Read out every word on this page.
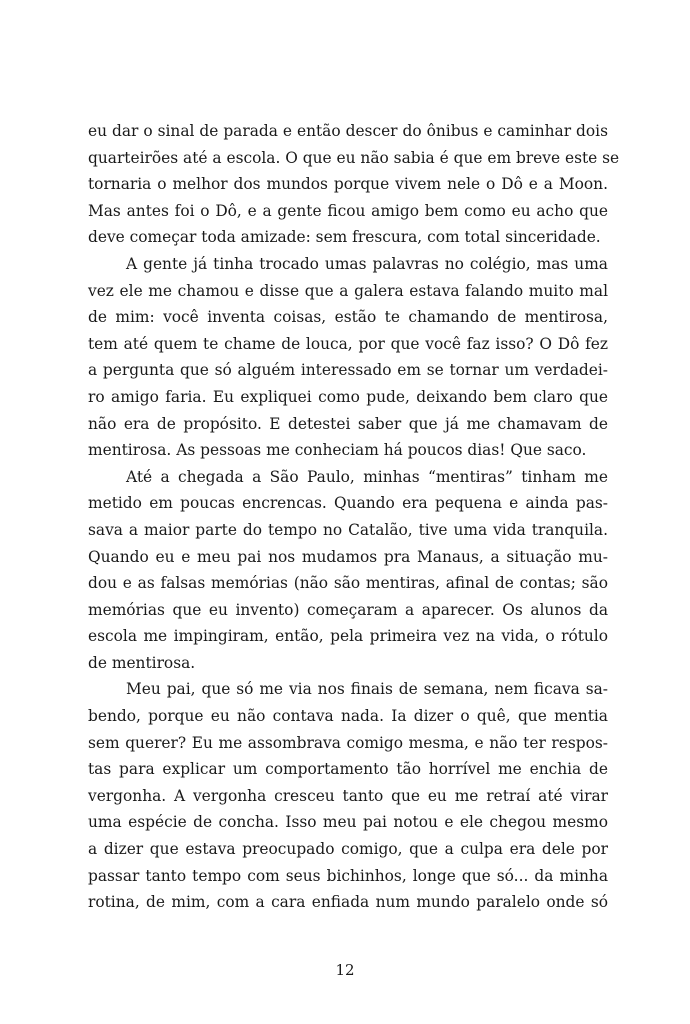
eu dar o sinal de parada e então descer do ônibus e caminhar dois
quarteirões até a escola. O que eu não sabia é que em breve este se
tornaria o melhor dos mundos porque vivem nele o Dô e a Moon.
Mas antes foi o Dô, e a gente ficou amigo bem como eu acho que
deve começar toda amizade: sem frescura, com total sinceridade.
A gente já tinha trocado umas palavras no colégio, mas uma
vez ele me chamou e disse que a galera estava falando muito mal
de mim: você inventa coisas, estão te chamando de mentirosa,
tem até quem te chame de louca, por que você faz isso? O Dô fez
a pergunta que só alguém interessado em se tornar um verdadei-
ro amigo faria. Eu expliquei como pude, deixando bem claro que
não era de propósito. E detestei saber que já me chamavam de
mentirosa. As pessoas me conheciam há poucos dias! Que saco.
Até a chegada a São Paulo, minhas “mentiras” tinham me
metido em poucas encrencas. Quando era pequena e ainda pas-
sava a maior parte do tempo no Catalão, tive uma vida tranquila.
Quando eu e meu pai nos mudamos pra Manaus, a situação mu-
dou e as falsas memórias (não são mentiras, afinal de contas; são
memórias que eu invento) começaram a aparecer. Os alunos da
escola me impingiram, então, pela primeira vez na vida, o rótulo
de mentirosa.
Meu pai, que só me via nos finais de semana, nem ficava sa-
bendo, porque eu não contava nada. Ia dizer o quê, que mentia
sem querer? Eu me assombrava comigo mesma, e não ter respos-
tas para explicar um comportamento tão horrível me enchia de
vergonha. A vergonha cresceu tanto que eu me retraí até virar
uma espécie de concha. Isso meu pai notou e ele chegou mesmo
a dizer que estava preocupado comigo, que a culpa era dele por
passar tanto tempo com seus bichinhos, longe que só... da minha
rotina, de mim, com a cara enfiada num mundo paralelo onde só
12
